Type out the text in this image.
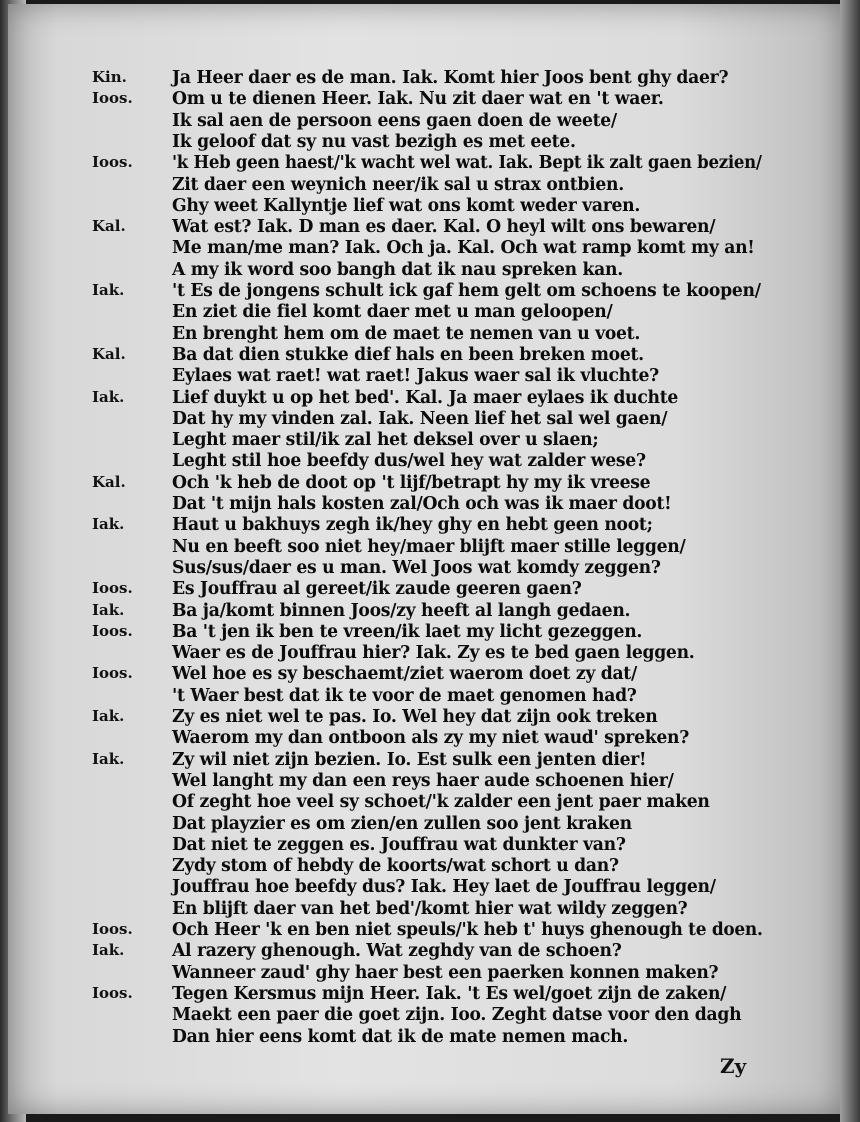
Kin.	Ja Heer daer es de man. Iak. Komt hier Joos bent ghy daer?
Ioos.	Om u te dienen Heer. Iak. Nu zit daer wat en 't waer.
Ik sal aen de persoon eens gaen doen de weete/
Ik geloof dat sy nu vast bezigh es met eete.
Ioos.	'k Heb geen haest/'k wacht wel wat. Iak. Bept ik zalt gaen bezien/
Zit daer een weynich neer/ik sal u strax ontbien.
Ghy weet Kallyntje lief wat ons komt weder varen.
Kal.	Wat est? Iak. D man es daer. Kal. O heyl wilt ons bewaren/
Me man/me man? Iak. Och ja. Kal. Och wat ramp komt my an!
A my ik word soo bangh dat ik nau spreken kan.
Iak.	't Es de jongens schult ick gaf hem gelt om schoens te koopen/
En ziet die fiel komt daer met u man geloopen/
En brenght hem om de maet te nemen van u voet.
Kal.	Ba dat dien stukke dief hals en been breken moet.
Eylaes wat raet! wat raet! Jakus waer sal ik vluchte?
Iak.	Lief duykt u op het bed'. Kal. Ja maer eylaes ik duchte
Dat hy my vinden zal. Iak. Neen lief het sal wel gaen/
Leght maer stil/ik zal het deksel over u slaen;
Leght stil hoe beefdy dus/wel hey wat zalder wese?
Kal.	Och 'k heb de doot op 't lijf/betrapt hy my ik vreese
Dat 't mijn hals kosten zal/Och och was ik maer doot!
Iak.	Haut u bakhuys zegh ik/hey ghy en hebt geen noot;
Nu en beeft soo niet hey/maer blijft maer stille leggen/
Sus/sus/daer es u man. Wel Joos wat komdy zeggen?
Ioos.	Es Jouffrau al gereet/ik zaude geeren gaen?
Iak.	Ba ja/komt binnen Joos/zy heeft al langh gedaen.
Ioos.	Ba 't jen ik ben te vreen/ik laet my licht gezeggen.
Waer es de Jouffrau hier? Iak. Zy es te bed gaen leggen.
Ioos.	Wel hoe es sy beschaemt/ziet waerom doet zy dat/
't Waer best dat ik te voor de maet genomen had?
Iak.	Zy es niet wel te pas. Io. Wel hey dat zijn ook treken
Waerom my dan ontboon als zy my niet waud' spreken?
Iak.	Zy wil niet zijn bezien. Io. Est sulk een jenten dier!
Wel langht my dan een reys haer aude schoenen hier/
Of zeght hoe veel sy schoet/'k zalder een jent paer maken
Dat playzier es om zien/en zullen soo jent kraken
Dat niet te zeggen es. Jouffrau wat dunkter van?
Zydy stom of hebdy de koorts/wat schort u dan?
Jouffrau hoe beefdy dus? Iak. Hey laet de Jouffrau leggen/
En blijft daer van het bed'/komt hier wat wildy zeggen?
Ioos.	Och Heer 'k en ben niet speuls/'k heb t' huys ghenough te doen.
Iak.	Al razery ghenough. Wat zeghdy van de schoen?
Wanneer zaud' ghy haer best een paerken konnen maken?
Ioos.	Tegen Kersmus mijn Heer. Iak. 't Es wel/goet zijn de zaken/
Maekt een paer die goet zijn. Ioo. Zeght datse voor den dagh
Dan hier eens komt dat ik de mate nemen mach.
Zy
